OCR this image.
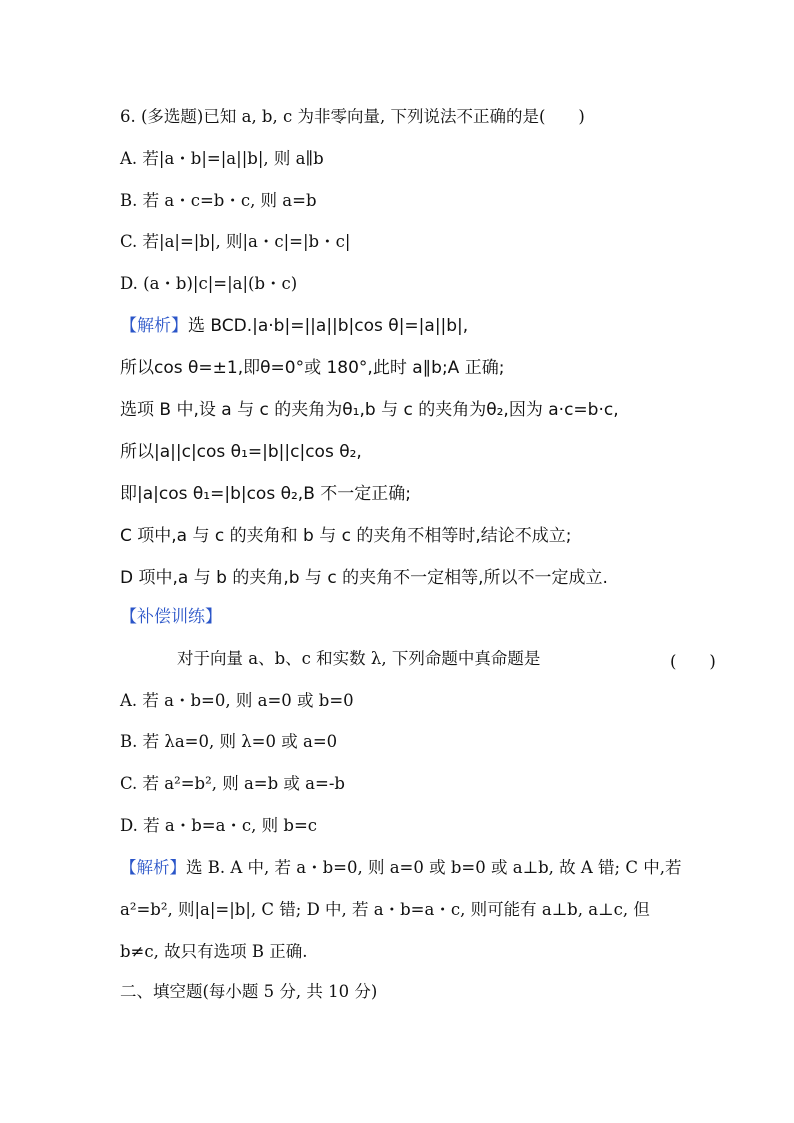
6. (多选题)已知 a, b, c 为非零向量, 下列说法不正确的是(　　)
A. 若|a・b|=|a||b|, 则 a∥b
B. 若 a・c=b・c, 则 a=b
C. 若|a|=|b|, 则|a・c|=|b・c|
D. (a・b)|c|=|a|(b・c)
【解析】选 BCD.|a·b|=||a||b|cos θ|=|a||b|,
所以cos θ=±1,即θ=0°或 180°,此时 a∥b;A 正确;
选项 B 中,设 a 与 c 的夹角为θ₁,b 与 c 的夹角为θ₂,因为 a·c=b·c,
所以|a||c|cos θ₁=|b||c|cos θ₂,
即|a|cos θ₁=|b|cos θ₂,B 不一定正确;
C 项中,a 与 c 的夹角和 b 与 c 的夹角不相等时,结论不成立;
D 项中,a 与 b 的夹角,b 与 c 的夹角不一定相等,所以不一定成立.
【补偿训练】
对于向量 a、b、c 和实数 λ, 下列命题中真命题是	(　　)
A. 若 a・b=0, 则 a=0 或 b=0
B. 若 λa=0, 则 λ=0 或 a=0
C. 若 a²=b², 则 a=b 或 a=-b
D. 若 a・b=a・c, 则 b=c
【解析】选 B. A 中, 若 a・b=0, 则 a=0 或 b=0 或 a⊥b, 故 A 错; C 中,若
a²=b², 则|a|=|b|, C 错; D 中, 若 a・b=a・c, 则可能有 a⊥b, a⊥c, 但
b≠c, 故只有选项 B 正确.
二、填空题(每小题 5 分, 共 10 分)
